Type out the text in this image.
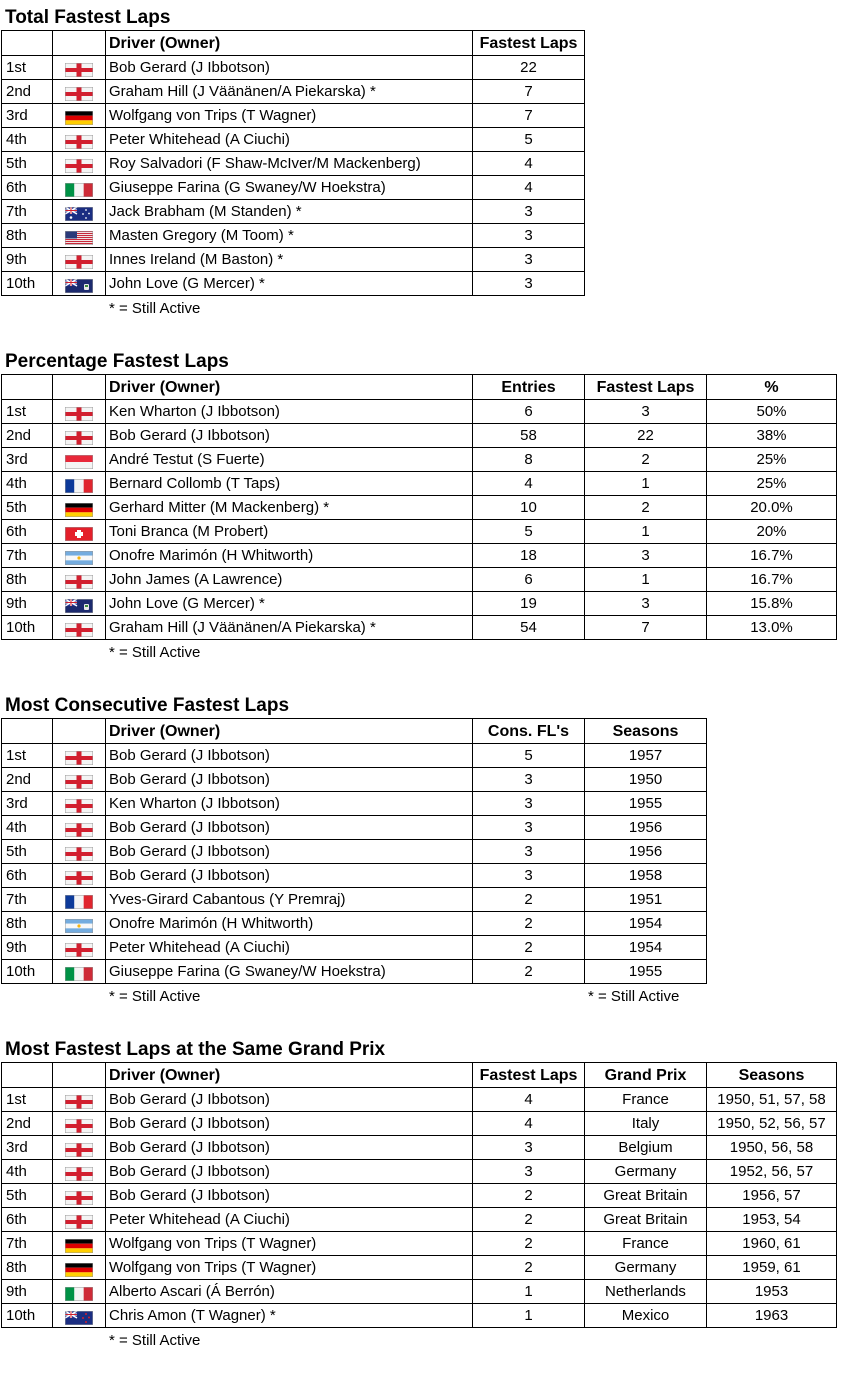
Total Fastest Laps
		Driver (Owner)	Fastest Laps
1st		Bob Gerard (J Ibbotson)	22
2nd		Graham Hill (J Väänänen/A Piekarska) *	7
3rd		Wolfgang von Trips (T Wagner)	7
4th		Peter Whitehead (A Ciuchi)	5
5th		Roy Salvadori (F Shaw-McIver/M Mackenberg)	4
6th		Giuseppe Farina (G Swaney/W Hoekstra)	4
7th		Jack Brabham (M Standen) *	3
8th		Masten Gregory (M Toom) *	3
9th		Innes Ireland (M Baston) *	3
10th		John Love (G Mercer) *	3
* = Still Active
Percentage Fastest Laps
		Driver (Owner)	Entries	Fastest Laps	%
1st		Ken Wharton (J Ibbotson)	6	3	50%
2nd		Bob Gerard (J Ibbotson)	58	22	38%
3rd		André Testut (S Fuerte)	8	2	25%
4th		Bernard Collomb (T Taps)	4	1	25%
5th		Gerhard Mitter (M Mackenberg) *	10	2	20.0%
6th		Toni Branca (M Probert)	5	1	20%
7th		Onofre Marimón (H Whitworth)	18	3	16.7%
8th		John James (A Lawrence)	6	1	16.7%
9th		John Love (G Mercer) *	19	3	15.8%
10th		Graham Hill (J Väänänen/A Piekarska) *	54	7	13.0%
* = Still Active
Most Consecutive Fastest Laps
		Driver (Owner)	Cons. FL's	Seasons
1st		Bob Gerard (J Ibbotson)	5	1957
2nd		Bob Gerard (J Ibbotson)	3	1950
3rd		Ken Wharton (J Ibbotson)	3	1955
4th		Bob Gerard (J Ibbotson)	3	1956
5th		Bob Gerard (J Ibbotson)	3	1956
6th		Bob Gerard (J Ibbotson)	3	1958
7th		Yves-Girard Cabantous (Y Premraj)	2	1951
8th		Onofre Marimón (H Whitworth)	2	1954
9th		Peter Whitehead (A Ciuchi)	2	1954
10th		Giuseppe Farina (G Swaney/W Hoekstra)	2	1955
* = Still Active	* = Still Active
Most Fastest Laps at the Same Grand Prix
		Driver (Owner)	Fastest Laps	Grand Prix	Seasons
1st		Bob Gerard (J Ibbotson)	4	France	1950, 51, 57, 58
2nd		Bob Gerard (J Ibbotson)	4	Italy	1950, 52, 56, 57
3rd		Bob Gerard (J Ibbotson)	3	Belgium	1950, 56, 58
4th		Bob Gerard (J Ibbotson)	3	Germany	1952, 56, 57
5th		Bob Gerard (J Ibbotson)	2	Great Britain	1956, 57
6th		Peter Whitehead (A Ciuchi)	2	Great Britain	1953, 54
7th		Wolfgang von Trips (T Wagner)	2	France	1960, 61
8th		Wolfgang von Trips (T Wagner)	2	Germany	1959, 61
9th		Alberto Ascari (Á Berrón)	1	Netherlands	1953
10th		Chris Amon (T Wagner) *	1	Mexico	1963
* = Still Active
